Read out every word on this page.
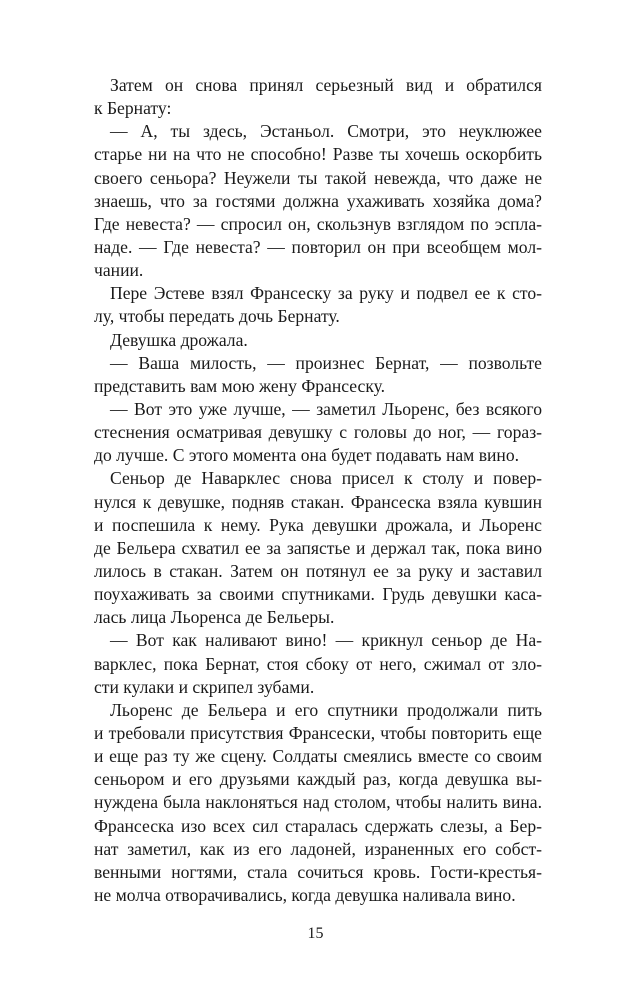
Затем он снова принял серьезный вид и обратился
к Бернату:
— А, ты здесь, Эстаньол. Смотри, это неуклюжее
старье ни на что не способно! Разве ты хочешь оскорбить
своего сеньора? Неужели ты такой невежда, что даже не
знаешь, что за гостями должна ухаживать хозяйка дома?
Где невеста? — спросил он, скользнув взглядом по эспла-
наде. — Где невеста? — повторил он при всеобщем мол-
чании.
Пере Эстеве взял Франсеску за руку и подвел ее к сто-
лу, чтобы передать дочь Бернату.
Девушка дрожала.
— Ваша милость, — произнес Бернат, — позвольте
представить вам мою жену Франсеску.
— Вот это уже лучше, — заметил Льоренс, без всякого
стеснения осматривая девушку с головы до ног, — гораз-
до лучше. С этого момента она будет подавать нам вино.
Сеньор де Наварклес снова присел к столу и повер-
нулся к девушке, подняв стакан. Франсеска взяла кувшин
и поспешила к нему. Рука девушки дрожала, и Льоренс
де Бельера схватил ее за запястье и держал так, пока вино
лилось в стакан. Затем он потянул ее за руку и заставил
поухаживать за своими спутниками. Грудь девушки касa-
лась лица Льоренса де Бельеры.
— Вот как наливают вино! — крикнул сеньор де На-
варклес, пока Бернат, стоя сбоку от него, сжимал от зло-
сти кулаки и скрипел зубами.
Льоренс де Бельера и его спутники продолжали пить
и требовали присутствия Франсески, чтобы повторить еще
и еще раз ту же сцену. Солдаты смеялись вместе со своим
сеньором и его друзьями каждый раз, когда девушка вы-
нуждена была наклоняться над столом, чтобы налить вина.
Франсеска изо всех сил старалась сдержать слезы, а Бер-
нат заметил, как из его ладоней, израненных его собст-
венными ногтями, стала сочиться кровь. Гости-крестья-
не молча отворачивались, когда девушка наливала вино.
15
